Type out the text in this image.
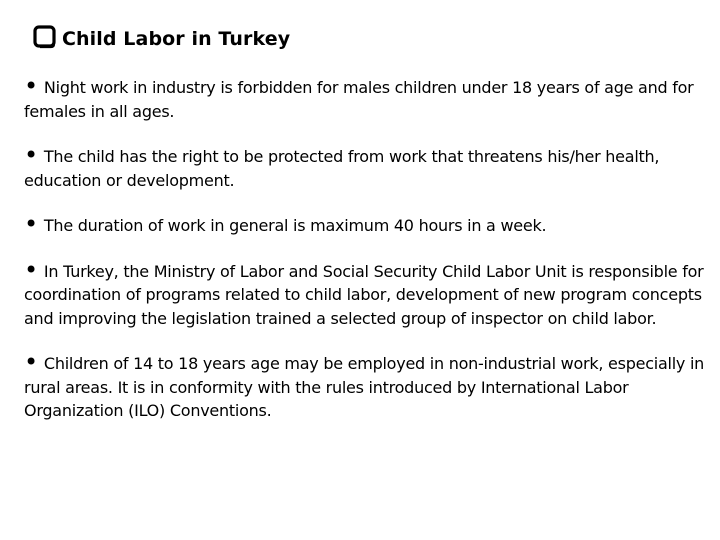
Child Labor in Turkey
• Night work in industry is forbidden for males children under 18 years of age and for females in all ages.
• The child has the right to be protected from work that threatens his/her health, education or development.
• The duration of work in general is maximum 40 hours in a week.
• In Turkey, the Ministry of Labor and Social Security Child Labor Unit is responsible for coordination of programs related to child labor, development of new program concepts and improving the legislation trained a selected group of inspector on child labor.
• Children of 14 to 18 years age may be employed in non-industrial work, especially in rural areas. It is in conformity with the rules introduced by International Labor Organization (ILO) Conventions.
